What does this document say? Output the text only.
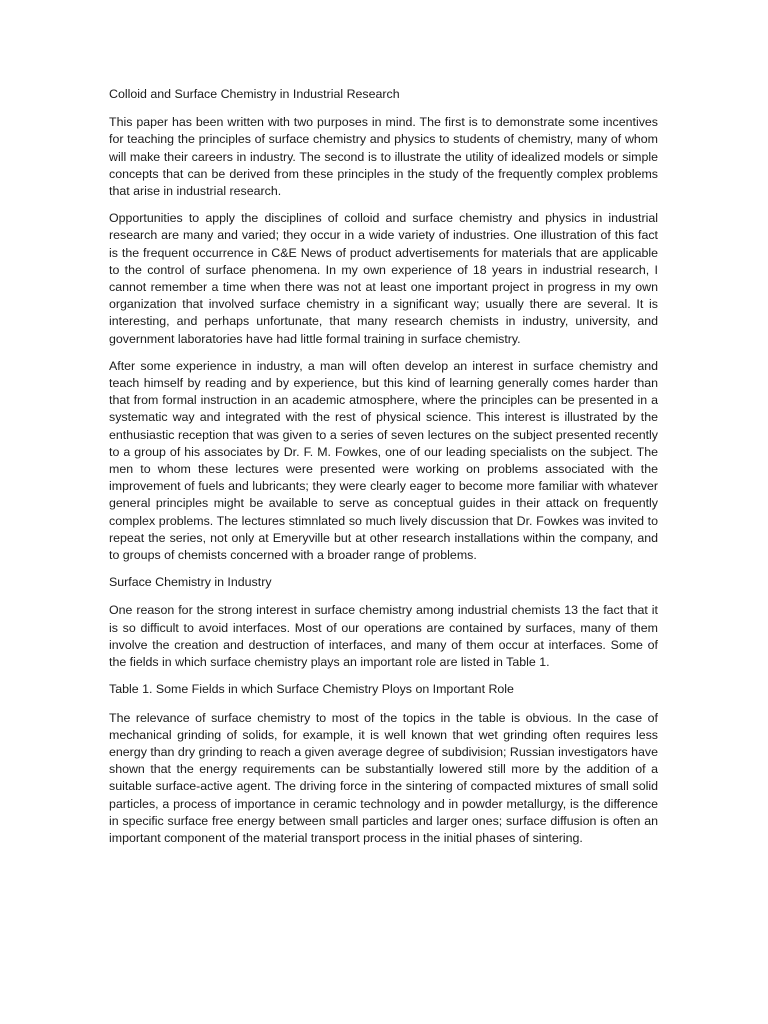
Colloid and Surface Chemistry in Industrial Research

This paper has been written with two purposes in mind. The first is to demonstrate some incentives for teaching the principles of surface chemistry and physics to students of chemistry, many of whom will make their careers in industry. The second is to illustrate the utility of idealized models or simple concepts that can be derived from these principles in the study of the frequently complex problems that arise in industrial research.

Opportunities to apply the disciplines of colloid and surface chemistry and physics in industrial research are many and varied; they occur in a wide variety of industries. One illustration of this fact is the frequent occurrence in C&E News of product advertisements for materials that are applicable to the control of surface phenomena. In my own experience of 18 years in industrial research, I cannot remember a time when there was not at least one important project in progress in my own organization that involved surface chemistry in a significant way; usually there are several. It is interesting, and perhaps unfortunate, that many research chemists in industry, university, and government laboratories have had little formal training in surface chemistry.

After some experience in industry, a man will often develop an interest in surface chemistry and teach himself by reading and by experience, but this kind of learning generally comes harder than that from formal instruction in an academic atmosphere, where the principles can be presented in a systematic way and integrated with the rest of physical science. This interest is illustrated by the enthusiastic reception that was given to a series of seven lectures on the subject presented recently to a group of his associates by Dr. F. M. Fowkes, one of our leading specialists on the subject. The men to whom these lectures were presented were working on problems associated with the improvement of fuels and lubricants; they were clearly eager to become more familiar with whatever general principles might be available to serve as conceptual guides in their attack on frequently complex problems. The lectures stimnlated so much lively discussion that Dr. Fowkes was invited to repeat the series, not only at Emeryville but at other research installations within the company, and to groups of chemists concerned with a broader range of problems.

Surface Chemistry in Industry

One reason for the strong interest in surface chemistry among industrial chemists 13 the fact that it is so difficult to avoid interfaces. Most of our operations are contained by surfaces, many of them involve the creation and destruction of interfaces, and many of them occur at interfaces. Some of the fields in which surface chemistry plays an important role are listed in Table 1.

Table 1. Some Fields in which Surface Chemistry Ploys on Important Role

The relevance of surface chemistry to most of the topics in the table is obvious. In the case of mechanical grinding of solids, for example, it is well known that wet grinding often requires less energy than dry grinding to reach a given average degree of subdivision; Russian investigators have shown that the energy requirements can be substantially lowered still more by the addition of a suitable surface-active agent. The driving force in the sintering of compacted mixtures of small solid particles, a process of importance in ceramic technology and in powder metallurgy, is the difference in specific surface free energy between small particles and larger ones; surface diffusion is often an important component of the material transport process in the initial phases of sintering.
